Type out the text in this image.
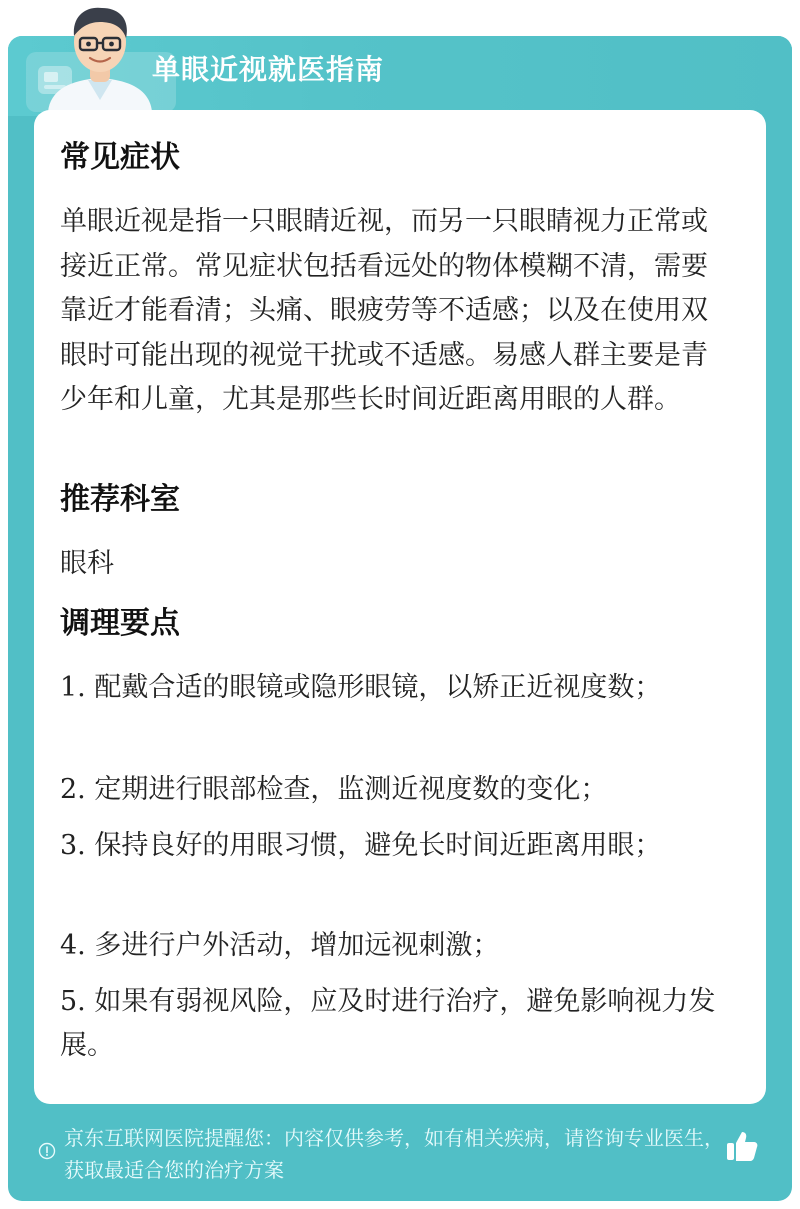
单眼近视就医指南
常见症状
单眼近视是指一只眼睛近视，而另一只眼睛视力正常或接近正常。常见症状包括看远处的物体模糊不清，需要靠近才能看清；头痛、眼疲劳等不适感；以及在使用双眼时可能出现的视觉干扰或不适感。易感人群主要是青少年和儿童，尤其是那些长时间近距离用眼的人群。
推荐科室
眼科
调理要点
1. 配戴合适的眼镜或隐形眼镜，以矫正近视度数；
2. 定期进行眼部检查，监测近视度数的变化；
3. 保持良好的用眼习惯，避免长时间近距离用眼；
4. 多进行户外活动，增加远视刺激；
5. 如果有弱视风险，应及时进行治疗，避免影响视力发展。
京东互联网医院提醒您：内容仅供参考，如有相关疾病，请咨询专业医生，获取最适合您的治疗方案
